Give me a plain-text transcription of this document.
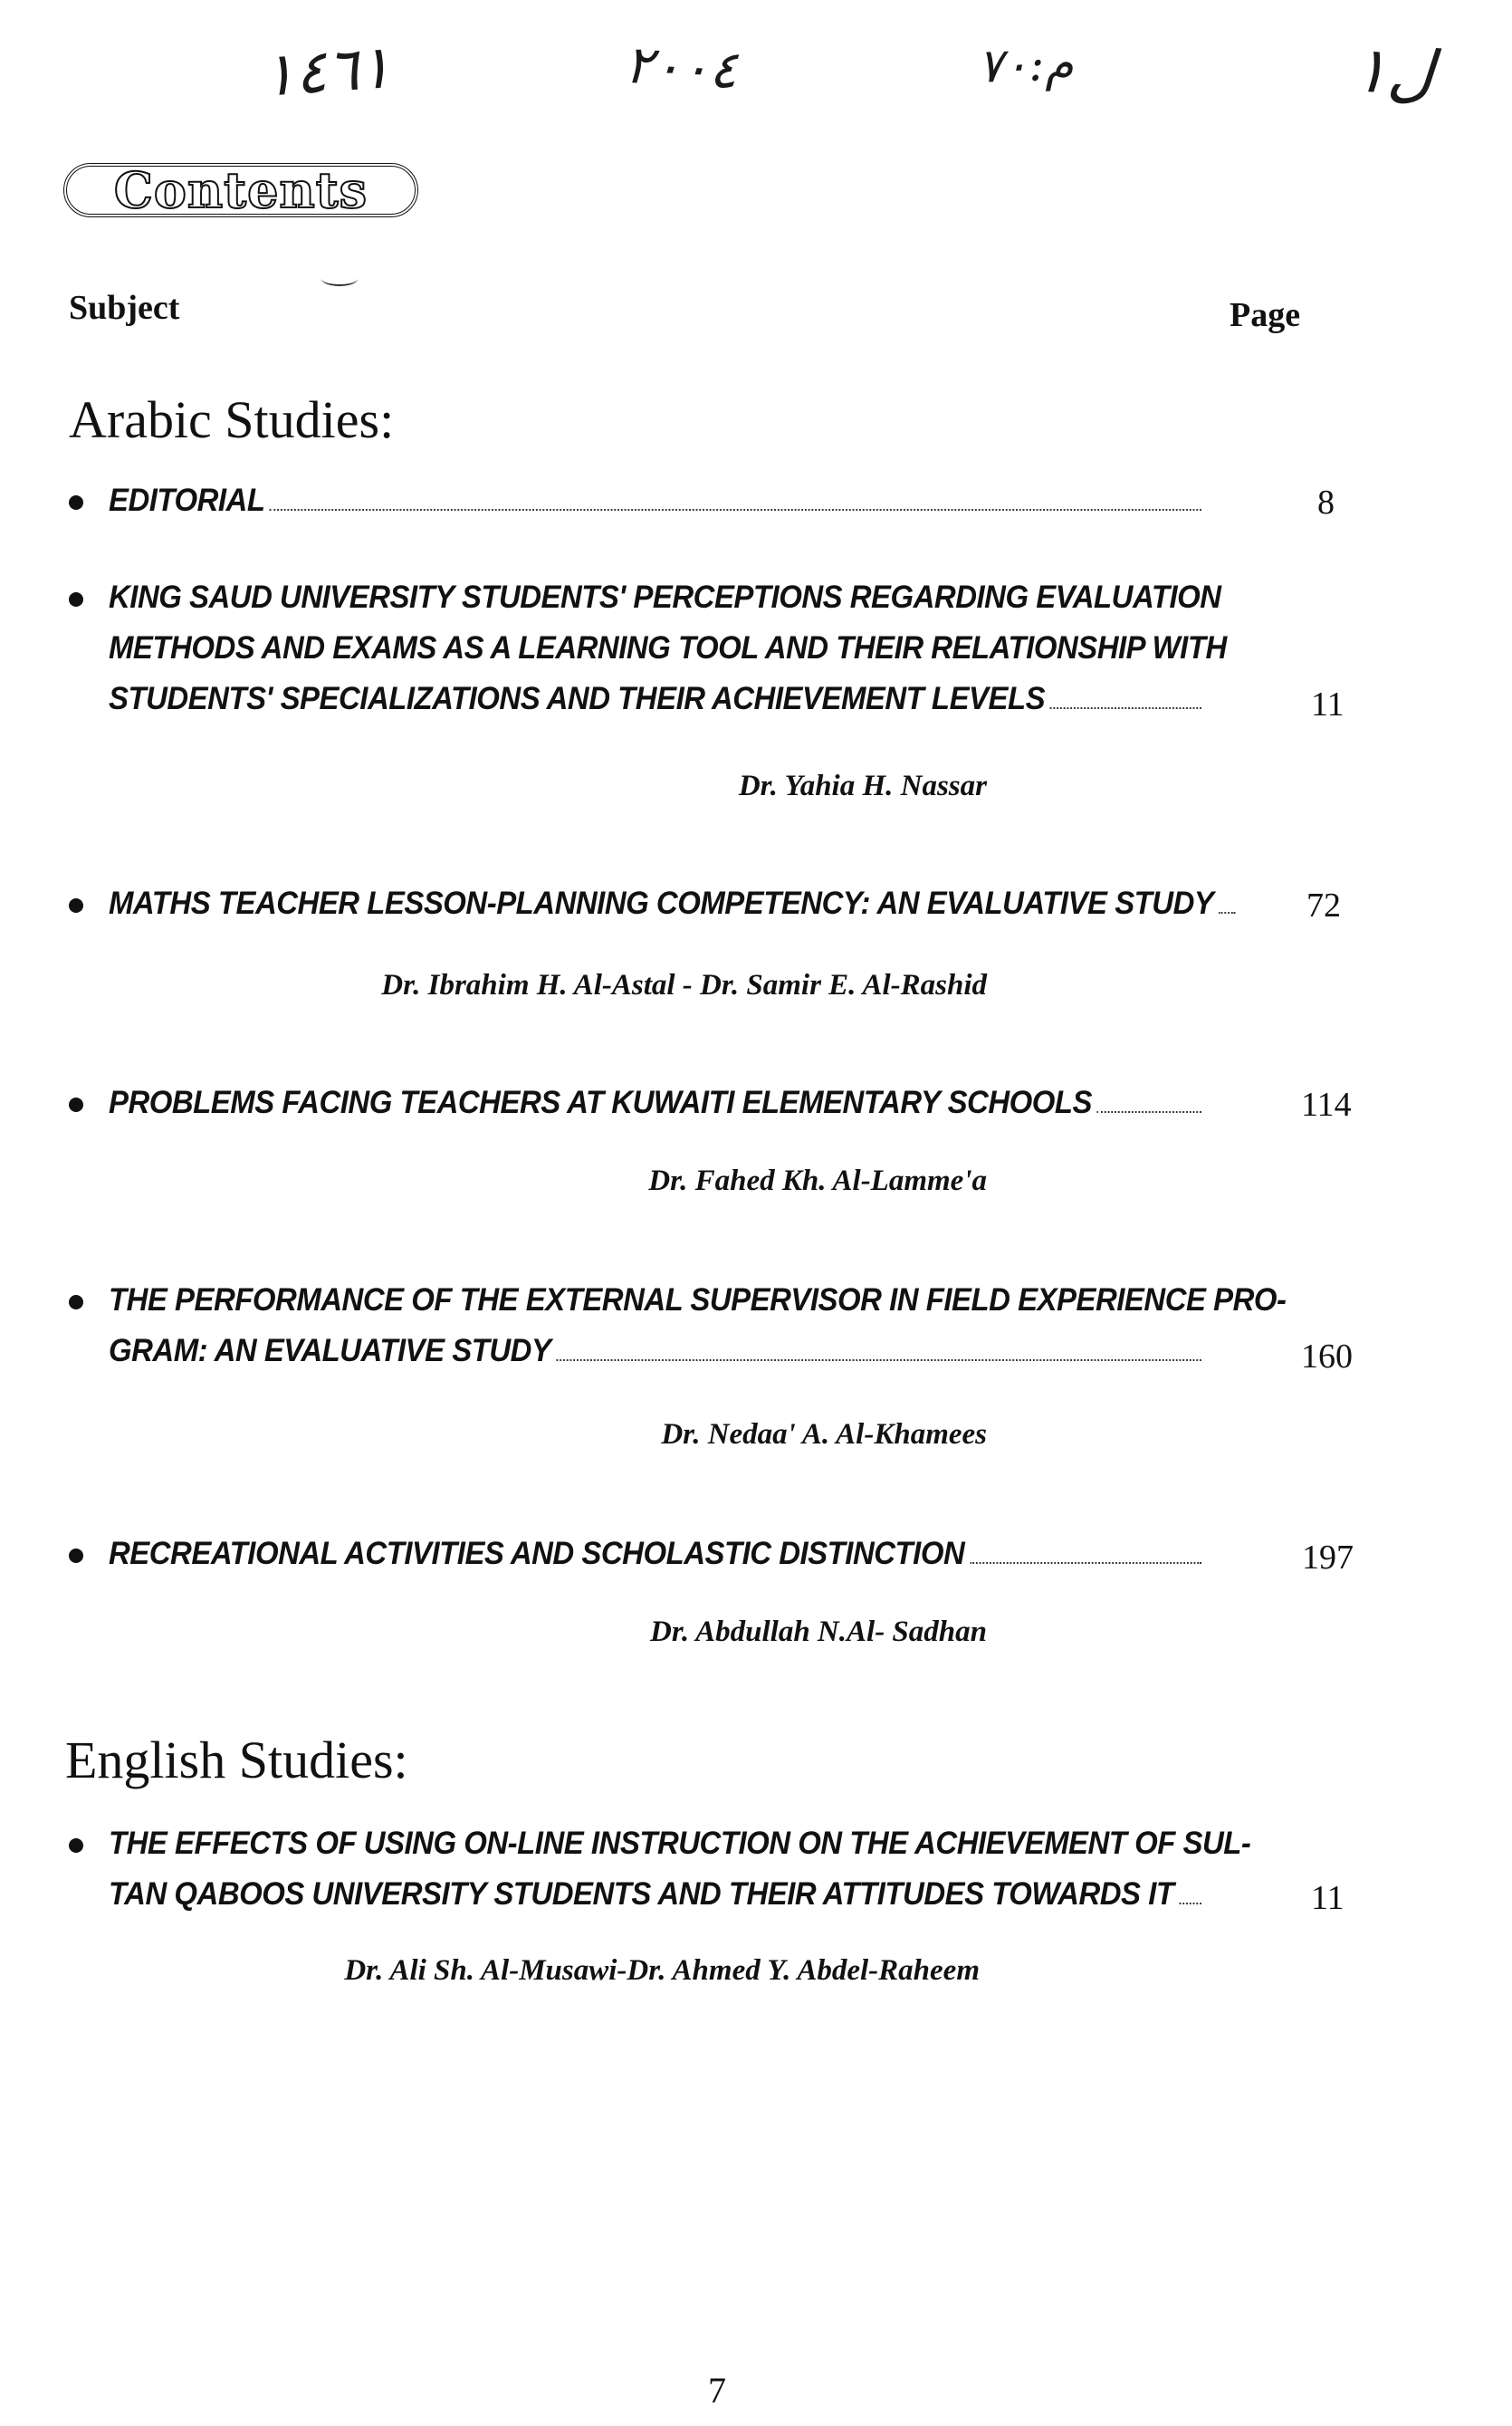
١٤٦١	٢٠٠٤	م:٧٠	ل١
Contents
Subject	Page
Arabic Studies:
EDITORIAL	8
KING SAUD UNIVERSITY STUDENTS' PERCEPTIONS REGARDING EVALUATION
METHODS AND EXAMS AS A LEARNING TOOL AND THEIR RELATIONSHIP WITH
STUDENTS' SPECIALIZATIONS AND THEIR ACHIEVEMENT LEVELS	11
Dr. Yahia H. Nassar
MATHS TEACHER LESSON-PLANNING COMPETENCY: AN EVALUATIVE STUDY	72
Dr. Ibrahim H. Al-Astal - Dr. Samir E. Al-Rashid
PROBLEMS FACING TEACHERS AT KUWAITI ELEMENTARY SCHOOLS	114
Dr. Fahed Kh. Al-Lamme'a
THE PERFORMANCE OF THE EXTERNAL SUPERVISOR IN FIELD EXPERIENCE PRO-
GRAM: AN EVALUATIVE STUDY	160
Dr. Nedaa' A. Al-Khamees
RECREATIONAL ACTIVITIES AND SCHOLASTIC DISTINCTION	197
Dr. Abdullah N.Al- Sadhan
English Studies:
THE EFFECTS OF USING ON-LINE INSTRUCTION ON THE ACHIEVEMENT OF SUL-
TAN QABOOS UNIVERSITY STUDENTS AND THEIR ATTITUDES TOWARDS IT	11
Dr. Ali Sh. Al-Musawi-Dr. Ahmed Y. Abdel-Raheem
7
